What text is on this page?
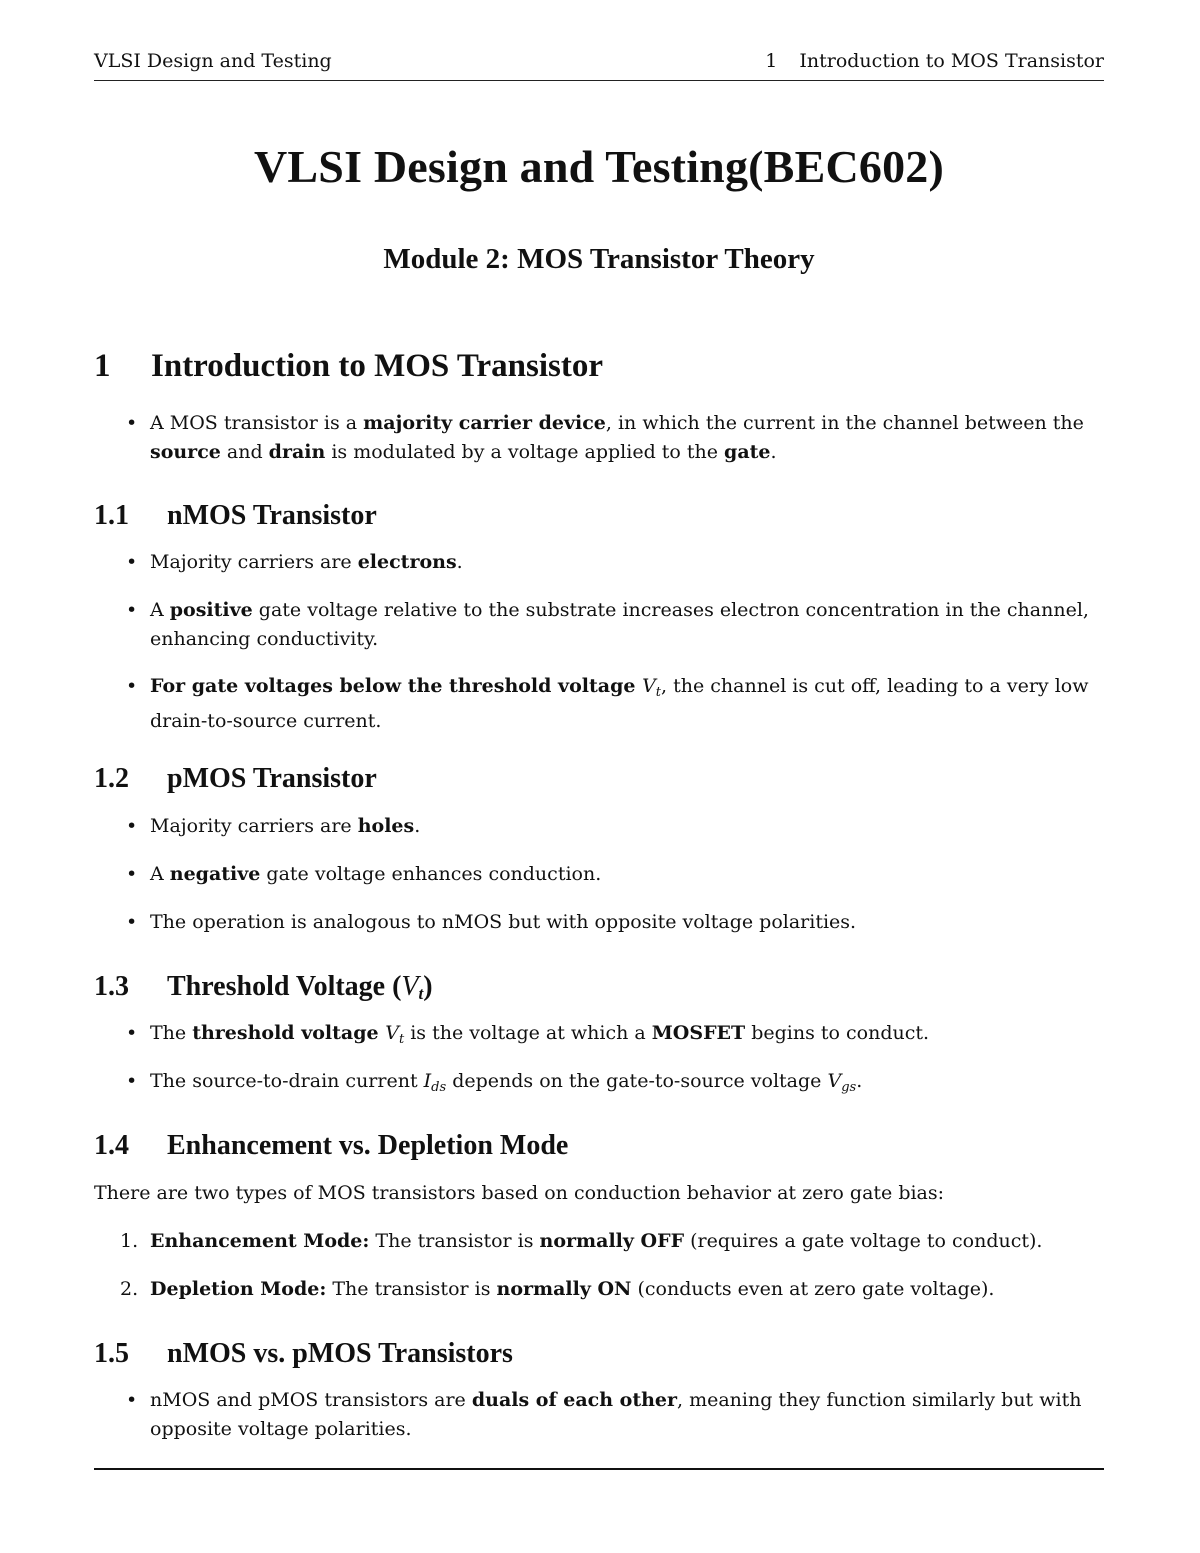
VLSI Design and Testing	1 Introduction to MOS Transistor
VLSI Design and Testing(BEC602)
Module 2: MOS Transistor Theory
1 Introduction to MOS Transistor
• A MOS transistor is a majority carrier device, in which the current in the channel between the source and drain is modulated by a voltage applied to the gate.
1.1 nMOS Transistor
• Majority carriers are electrons.
• A positive gate voltage relative to the substrate increases electron concentration in the channel, enhancing conductivity.
• For gate voltages below the threshold voltage $V_t$, the channel is cut off, leading to a very low drain-to-source current.
1.2 pMOS Transistor
• Majority carriers are holes.
• A negative gate voltage enhances conduction.
• The operation is analogous to nMOS but with opposite voltage polarities.
1.3 Threshold Voltage $(V_t)$
• The threshold voltage $V_t$ is the voltage at which a MOSFET begins to conduct.
• The source-to-drain current $I_{ds}$ depends on the gate-to-source voltage $V_{gs}$.
1.4 Enhancement vs. Depletion Mode
There are two types of MOS transistors based on conduction behavior at zero gate bias:
1. Enhancement Mode: The transistor is normally OFF (requires a gate voltage to conduct).
2. Depletion Mode: The transistor is normally ON (conducts even at zero gate voltage).
1.5 nMOS vs. pMOS Transistors
• nMOS and pMOS transistors are duals of each other, meaning they function similarly but with opposite voltage polarities.
